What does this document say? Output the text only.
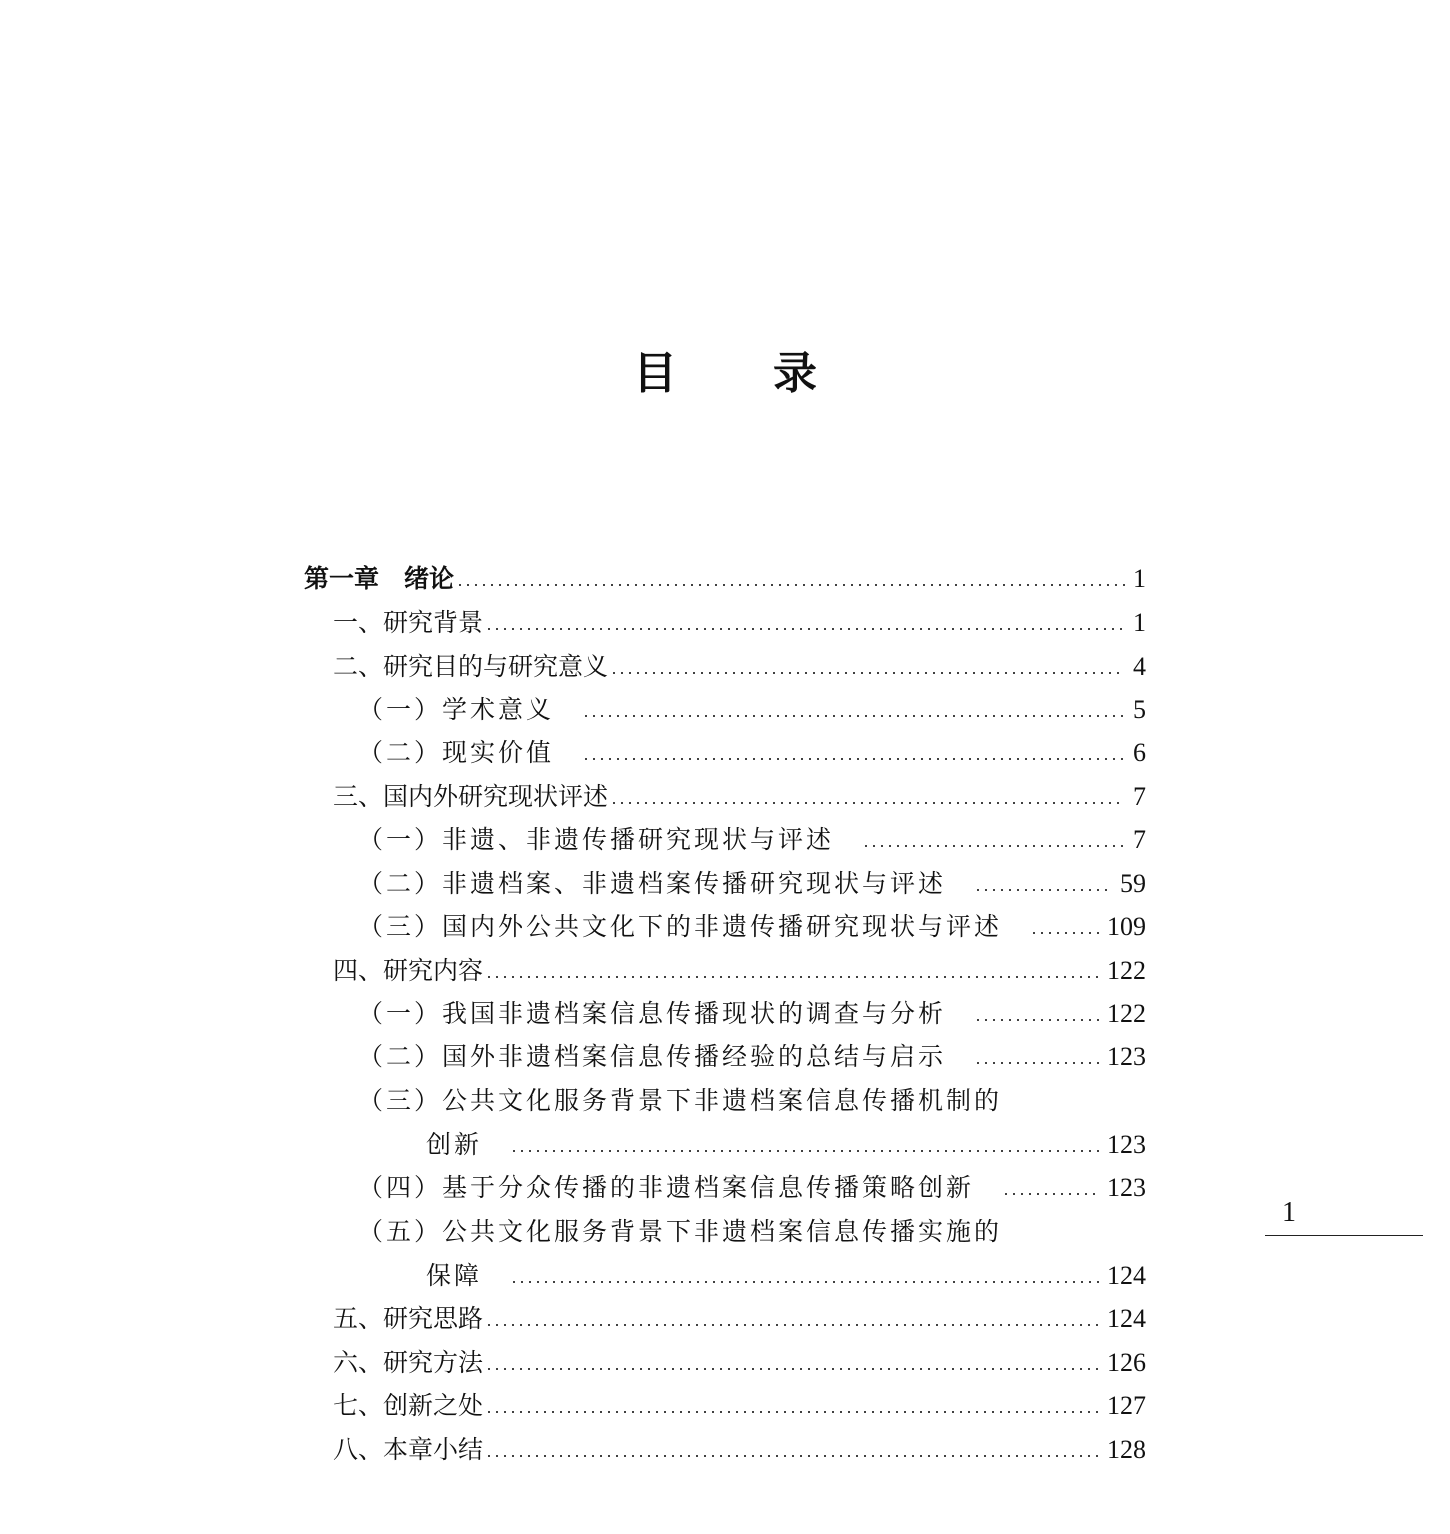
目录
第一章　绪论	1
一、研究背景	1
二、研究目的与研究意义	4
（一）学术意义	5
（二）现实价值	6
三、国内外研究现状评述	7
（一）非遗、非遗传播研究现状与评述	7
（二）非遗档案、非遗档案传播研究现状与评述	59
（三）国内外公共文化下的非遗传播研究现状与评述	109
四、研究内容	122
（一）我国非遗档案信息传播现状的调查与分析	122
（二）国外非遗档案信息传播经验的总结与启示	123
（三）公共文化服务背景下非遗档案信息传播机制的
创新	123
（四）基于分众传播的非遗档案信息传播策略创新	123
（五）公共文化服务背景下非遗档案信息传播实施的
保障	124
五、研究思路	124
六、研究方法	126
七、创新之处	127
八、本章小结	128
1
